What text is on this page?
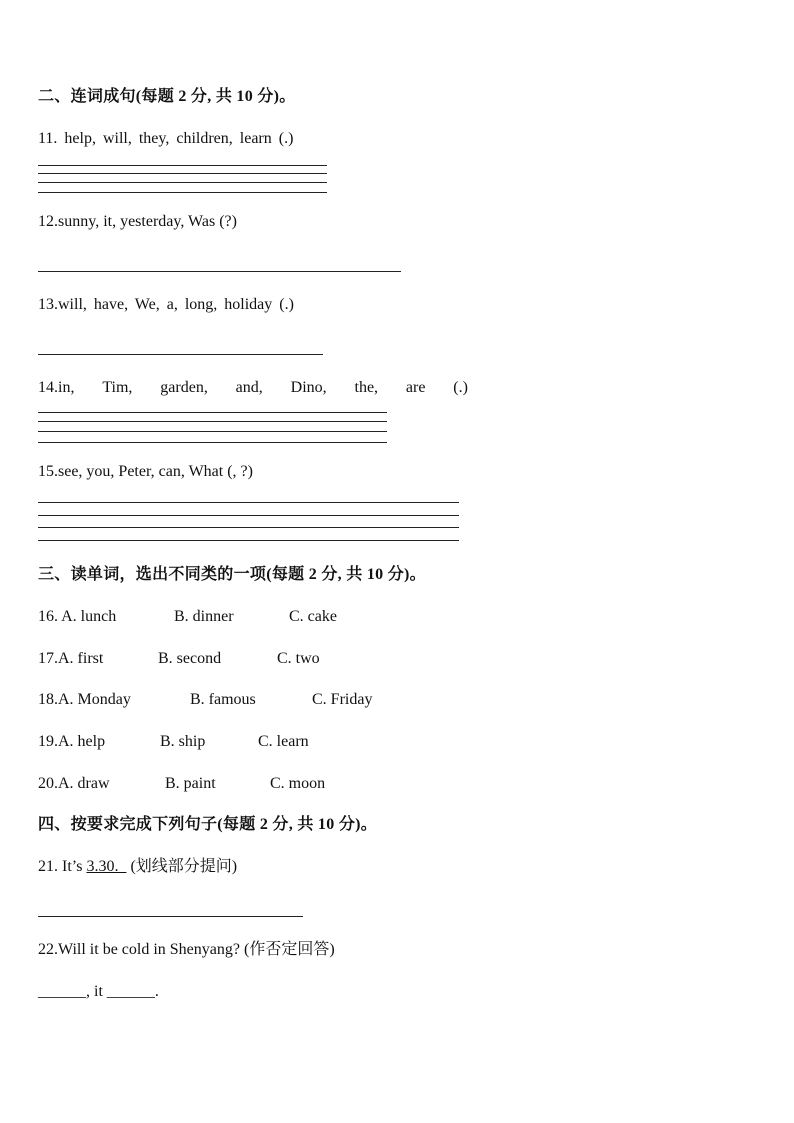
二、连词成句(每题 2 分, 共 10 分)。
11. help, will, they, children, learn (.)
12.sunny, it, yesterday, Was (?)
13.will, have, We, a, long, holiday (.)
14.in, Tim, garden, and, Dino, the, are (.)
15.see, you, Peter, can, What (, ?)
三、读单词，选出不同类的一项(每题 2 分, 共 10 分)。
16. A. lunch	B. dinner	C. cake
17.A. first	B. second	C. two
18.A. Monday	B. famous	C. Friday
19.A. help	B. ship	C. learn
20.A. draw	B. paint	C. moon
四、按要求完成下列句子(每题 2 分, 共 10 分)。
21. It’s 3.30.   (划线部分提问)
22.Will it be cold in Shenyang? (作否定回答)
______, it ______.
